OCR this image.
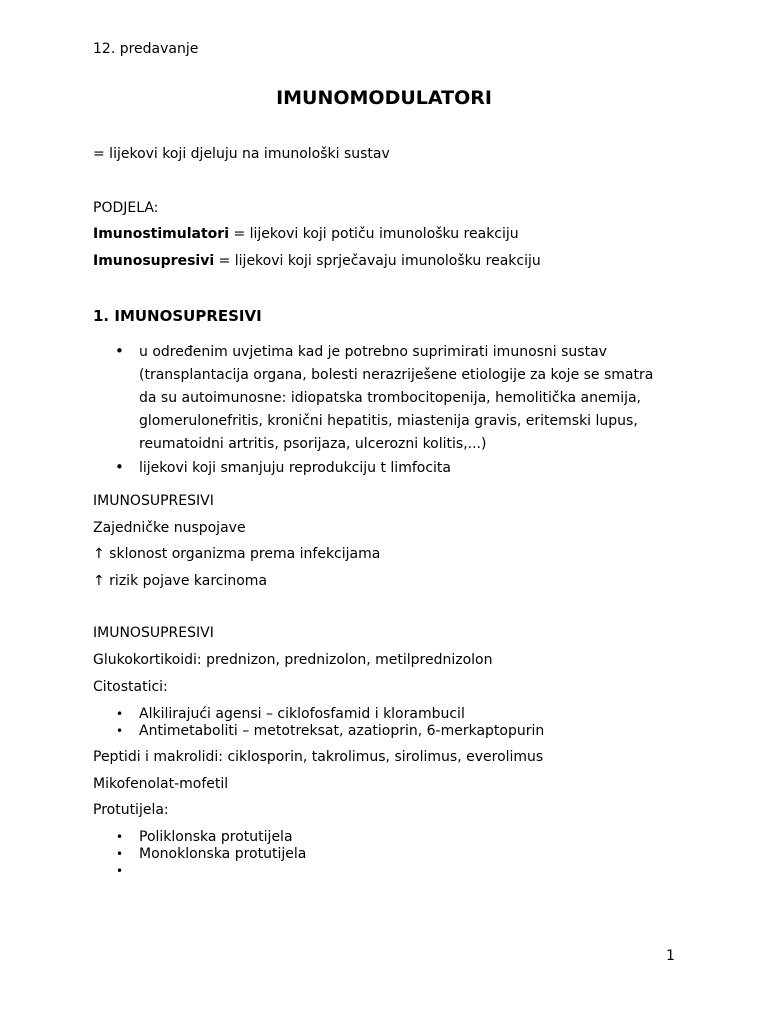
12. predavanje
IMUNOMODULATORI
= lijekovi koji djeluju na imunološki sustav
PODJELA:
Imunostimulatori = lijekovi koji potiču imunološku reakciju
Imunosupresivi = lijekovi koji sprječavaju imunološku reakciju
1. IMUNOSUPRESIVI
• u određenim uvjetima kad je potrebno suprimirati imunosni sustav
(transplantacija organa, bolesti nerazriješene etiologije za koje se smatra
da su autoimunosne: idiopatska trombocitopenija, hemolitička anemija,
glomerulonefritis, kronični hepatitis, miastenija gravis, eritemski lupus,
reumatoidni artritis, psorijaza, ulcerozni kolitis,...)
• lijekovi koji smanjuju reprodukciju t limfocita
IMUNOSUPRESIVI
Zajedničke nuspojave
↑ sklonost organizma prema infekcijama
↑ rizik pojave karcinoma
IMUNOSUPRESIVI
Glukokortikoidi: prednizon, prednizolon, metilprednizolon
Citostatici:
• Alkilirajući agensi – ciklofosfamid i klorambucil
• Antimetaboliti – metotreksat, azatioprin, 6-merkaptopurin
Peptidi i makrolidi: ciklosporin, takrolimus, sirolimus, everolimus
Mikofenolat-mofetil
Protutijela:
• Poliklonska protutijela
• Monoklonska protutijela
•
1
